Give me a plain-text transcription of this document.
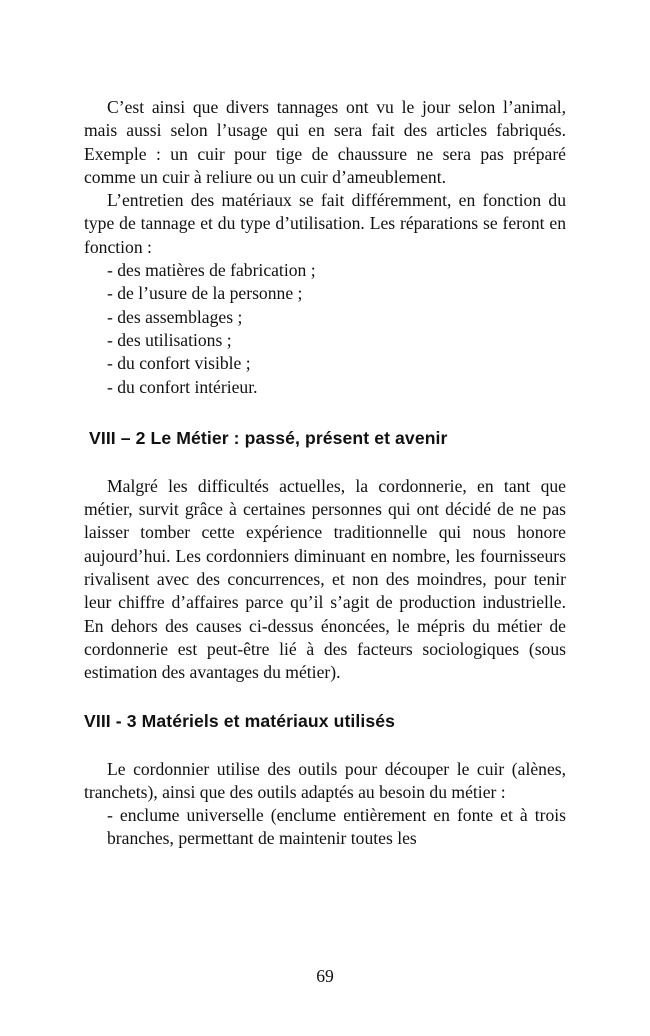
C’est ainsi que divers tannages ont vu le jour selon l’animal, mais aussi selon l’usage qui en sera fait des articles fabriqués. Exemple : un cuir pour tige de chaussure ne sera pas préparé comme un cuir à reliure ou un cuir d’ameublement.

L’entretien des matériaux se fait différemment, en fonction du type de tannage et du type d’utilisation. Les réparations se feront en fonction :

- des matières de fabrication ;
- de l’usure de la personne ;
- des assemblages ;
- des utilisations ;
- du confort visible ;
- du confort intérieur.
VIII – 2 Le Métier : passé, présent et avenir

Malgré les difficultés actuelles, la cordonnerie, en tant que métier, survit grâce à certaines personnes qui ont décidé de ne pas laisser tomber cette expérience traditionnelle qui nous honore aujourd’hui. Les cordonniers diminuant en nombre, les fournisseurs rivalisent avec des concurrences, et non des moindres, pour tenir leur chiffre d’affaires parce qu’il s’agit de production industrielle. En dehors des causes ci-dessus énoncées, le mépris du métier de cordonnerie est peut-être lié à des facteurs sociologiques (sous estimation des avantages du métier).

VIII - 3 Matériels et matériaux utilisés

Le cordonnier utilise des outils pour découper le cuir (alènes, tranchets), ainsi que des outils adaptés au besoin du métier :

- enclume universelle (enclume entièrement en fonte et à trois branches, permettant de maintenir toutes les
69
